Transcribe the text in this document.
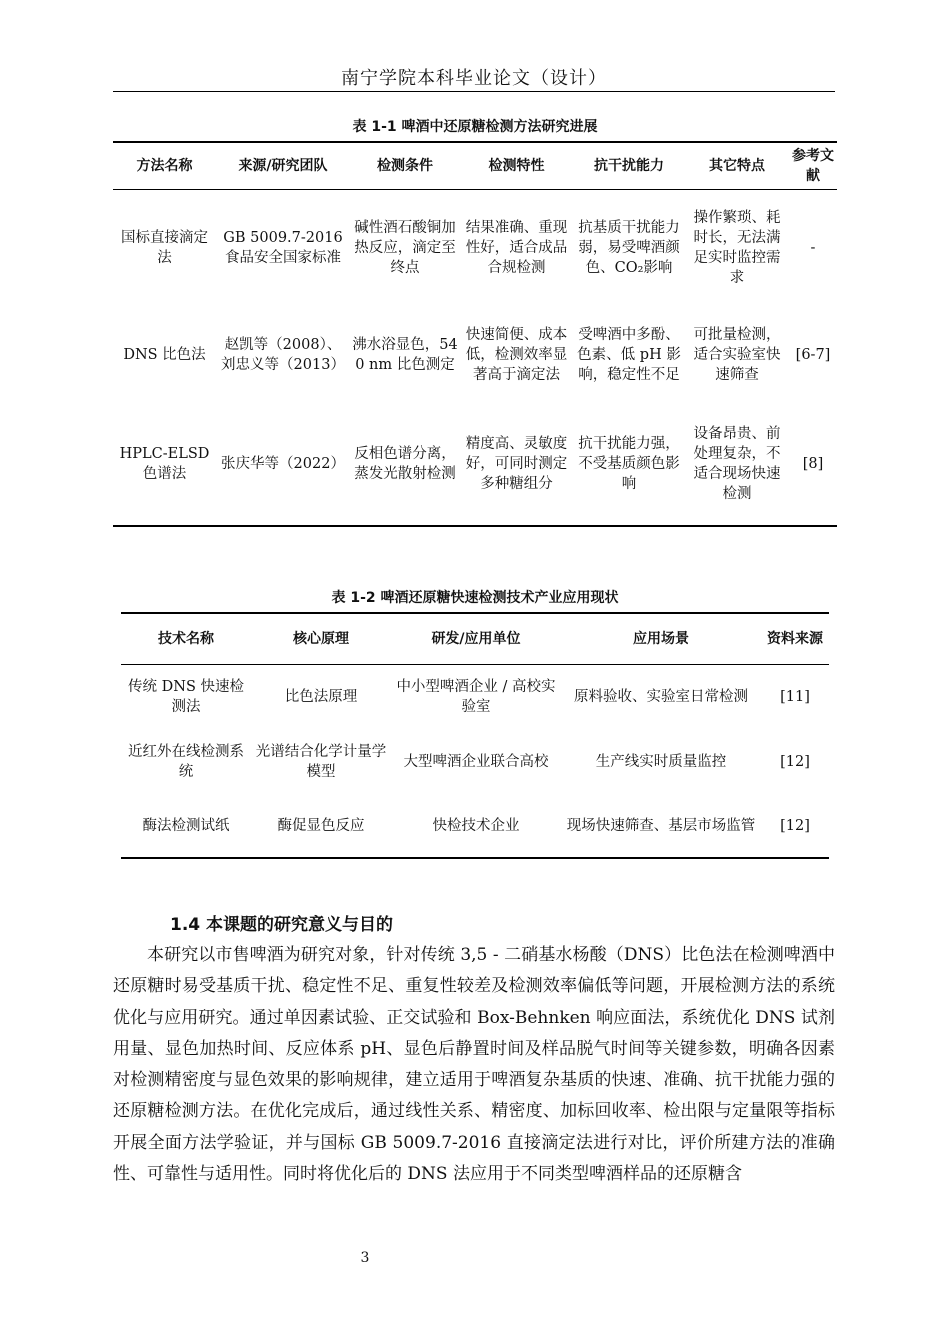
南宁学院本科毕业论文（设计）
表 1-1 啤酒中还原糖检测方法研究进展
方法名称	来源/研究团队	检测条件	检测特性	抗干扰能力	其它特点	参考文献
国标直接滴定法	GB 5009.7-2016 食品安全国家标准	碱性酒石酸铜加热反应，滴定至终点	结果准确、重现性好，适合成品合规检测	抗基质干扰能力弱，易受啤酒颜色、CO₂影响	操作繁琐、耗时长，无法满足实时监控需求	-
DNS 比色法	赵凯等（2008）、刘忠义等（2013）	沸水浴显色，540 nm 比色测定	快速简便、成本低，检测效率显著高于滴定法	受啤酒中多酚、色素、低 pH 影响，稳定性不足	可批量检测，适合实验室快速筛查	[6-7]
HPLC-ELSD 色谱法	张庆华等（2022）	反相色谱分离，蒸发光散射检测	精度高、灵敏度好，可同时测定多种糖组分	抗干扰能力强，不受基质颜色影响	设备昂贵、前处理复杂，不适合现场快速检测	[8]
表 1-2 啤酒还原糖快速检测技术产业应用现状
技术名称	核心原理	研发/应用单位	应用场景	资料来源
传统 DNS 快速检测法	比色法原理	中小型啤酒企业 / 高校实验室	原料验收、实验室日常检测	[11]
近红外在线检测系统	光谱结合化学计量学模型	大型啤酒企业联合高校	生产线实时质量监控	[12]
酶法检测试纸	酶促显色反应	快检技术企业	现场快速筛查、基层市场监管	[12]
1.4 本课题的研究意义与目的
本研究以市售啤酒为研究对象，针对传统 3,5 - 二硝基水杨酸（DNS）比色法在检测啤酒中还原糖时易受基质干扰、稳定性不足、重复性较差及检测效率偏低等问题，开展检测方法的系统优化与应用研究。通过单因素试验、正交试验和 Box-Behnken 响应面法，系统优化 DNS 试剂用量、显色加热时间、反应体系 pH、显色后静置时间及样品脱气时间等关键参数，明确各因素对检测精密度与显色效果的影响规律，建立适用于啤酒复杂基质的快速、准确、抗干扰能力强的还原糖检测方法。在优化完成后，通过线性关系、精密度、加标回收率、检出限与定量限等指标开展全面方法学验证，并与国标 GB 5009.7-2016 直接滴定法进行对比，评价所建方法的准确性、可靠性与适用性。同时将优化后的 DNS 法应用于不同类型啤酒样品的还原糖含
3
